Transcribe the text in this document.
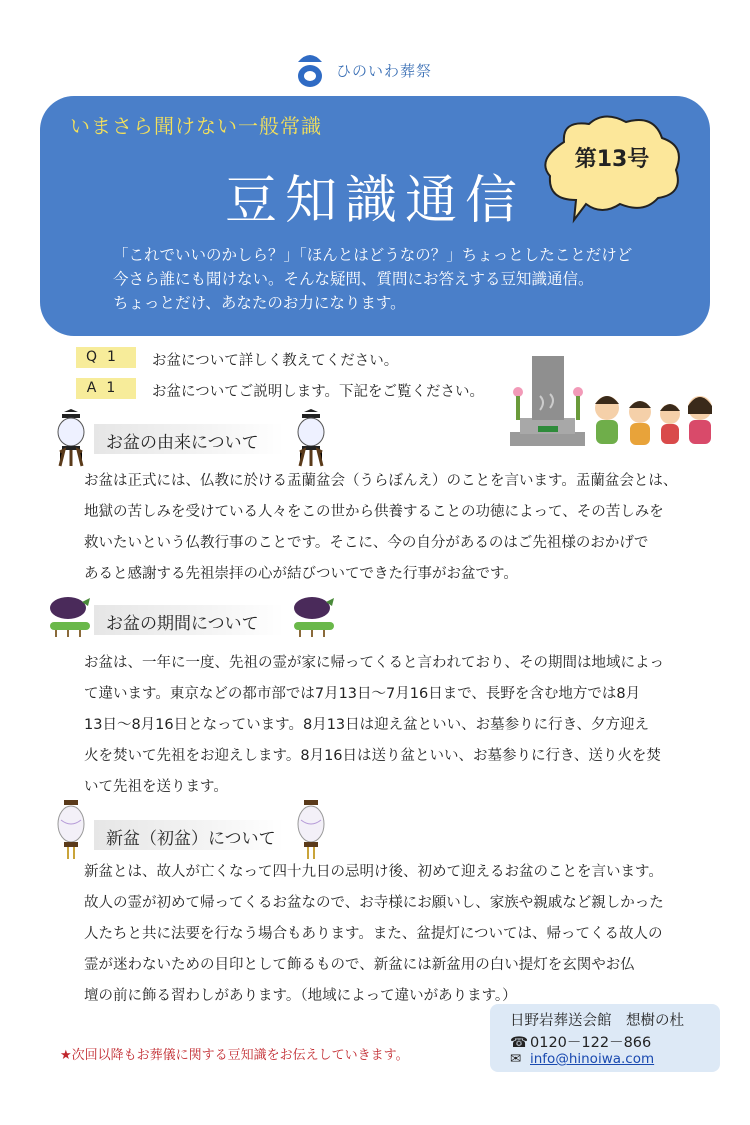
ひのいわ葬祭
いまさら聞けない一般常識
豆知識通信
第13号
「これでいいのかしら？」「ほんとはどうなの？」ちょっとしたことだけど
今さら誰にも聞けない。そんな疑問、質問にお答えする豆知識通信。
ちょっとだけ、あなたのお力になります。
Q1	お盆について詳しく教えてください。
A1	お盆についてご説明します。下記をご覧ください。
お盆の由来について
お盆は正式には、仏教に於ける盂蘭盆会（うらぼんえ）のことを言います。盂蘭盆会とは、
地獄の苦しみを受けている人々をこの世から供養することの功徳によって、その苦しみを
救いたいという仏教行事のことです。そこに、今の自分があるのはご先祖様のおかげで
あると感謝する先祖崇拝の心が結びついてできた行事がお盆です。
お盆の期間について
お盆は、一年に一度、先祖の霊が家に帰ってくると言われており、その期間は地域によっ
て違います。東京などの都市部では7月13日～7月16日まで、長野を含む地方では8月
13日～8月16日となっています。8月13日は迎え盆といい、お墓参りに行き、夕方迎え
火を焚いて先祖をお迎えします。8月16日は送り盆といい、お墓参りに行き、送り火を焚
いて先祖を送ります。
新盆（初盆）について
新盆とは、故人が亡くなって四十九日の忌明け後、初めて迎えるお盆のことを言います。
故人の霊が初めて帰ってくるお盆なので、お寺様にお願いし、家族や親戚など親しかった
人たちと共に法要を行なう場合もあります。また、盆提灯については、帰ってくる故人の
霊が迷わないための目印として飾るもので、新盆には新盆用の白い提灯を玄関やお仏
壇の前に飾る習わしがあります。（地域によって違いがあります。）
★次回以降もお葬儀に関する豆知識をお伝えしていきます。
日野岩葬送会館　想樹の杜
☎ 0120－122－866
✉ info@hinoiwa.com
